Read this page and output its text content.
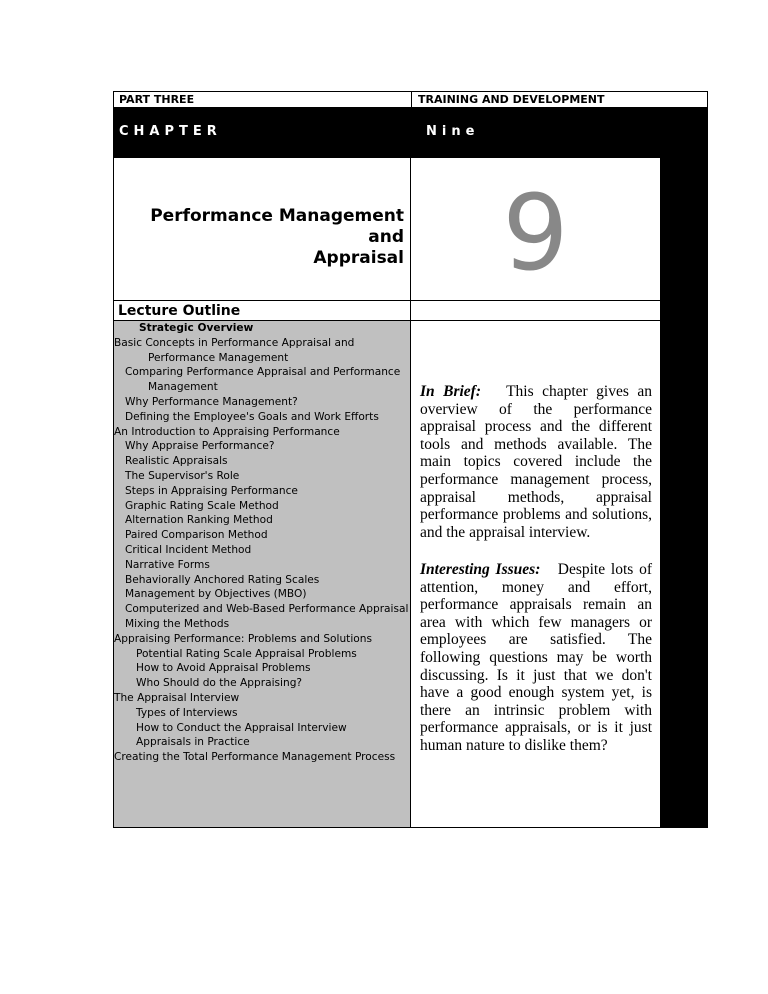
PART THREE	TRAINING AND DEVELOPMENT
CHAPTER	Nine
Performance Management and
Appraisal 9
Lecture Outline
Strategic Overview
Basic Concepts in Performance Appraisal and
Performance Management
Comparing Performance Appraisal and Performance
Management
Why Performance Management?
Defining the Employee's Goals and Work Efforts
An Introduction to Appraising Performance
Why Appraise Performance?
Realistic Appraisals
The Supervisor's Role
Steps in Appraising Performance
Graphic Rating Scale Method
Alternation Ranking Method
Paired Comparison Method
Critical Incident Method
Narrative Forms
Behaviorally Anchored Rating Scales
Management by Objectives (MBO)
Computerized and Web-Based Performance Appraisal
Mixing the Methods
Appraising Performance: Problems and Solutions
Potential Rating Scale Appraisal Problems
How to Avoid Appraisal Problems
Who Should do the Appraising?
The Appraisal Interview
Types of Interviews
How to Conduct the Appraisal Interview
Appraisals in Practice
Creating the Total Performance Management Process
In Brief: This chapter gives an overview of the performance appraisal process and the different tools and methods available. The main topics covered include the performance management process, appraisal methods, appraisal performance problems and solutions, and the appraisal interview.
Interesting Issues: Despite lots of attention, money and effort, performance appraisals remain an area with which few managers or employees are satisfied. The following questions may be worth discussing. Is it just that we don't have a good enough system yet, is there an intrinsic problem with performance appraisals, or is it just human nature to dislike them?
